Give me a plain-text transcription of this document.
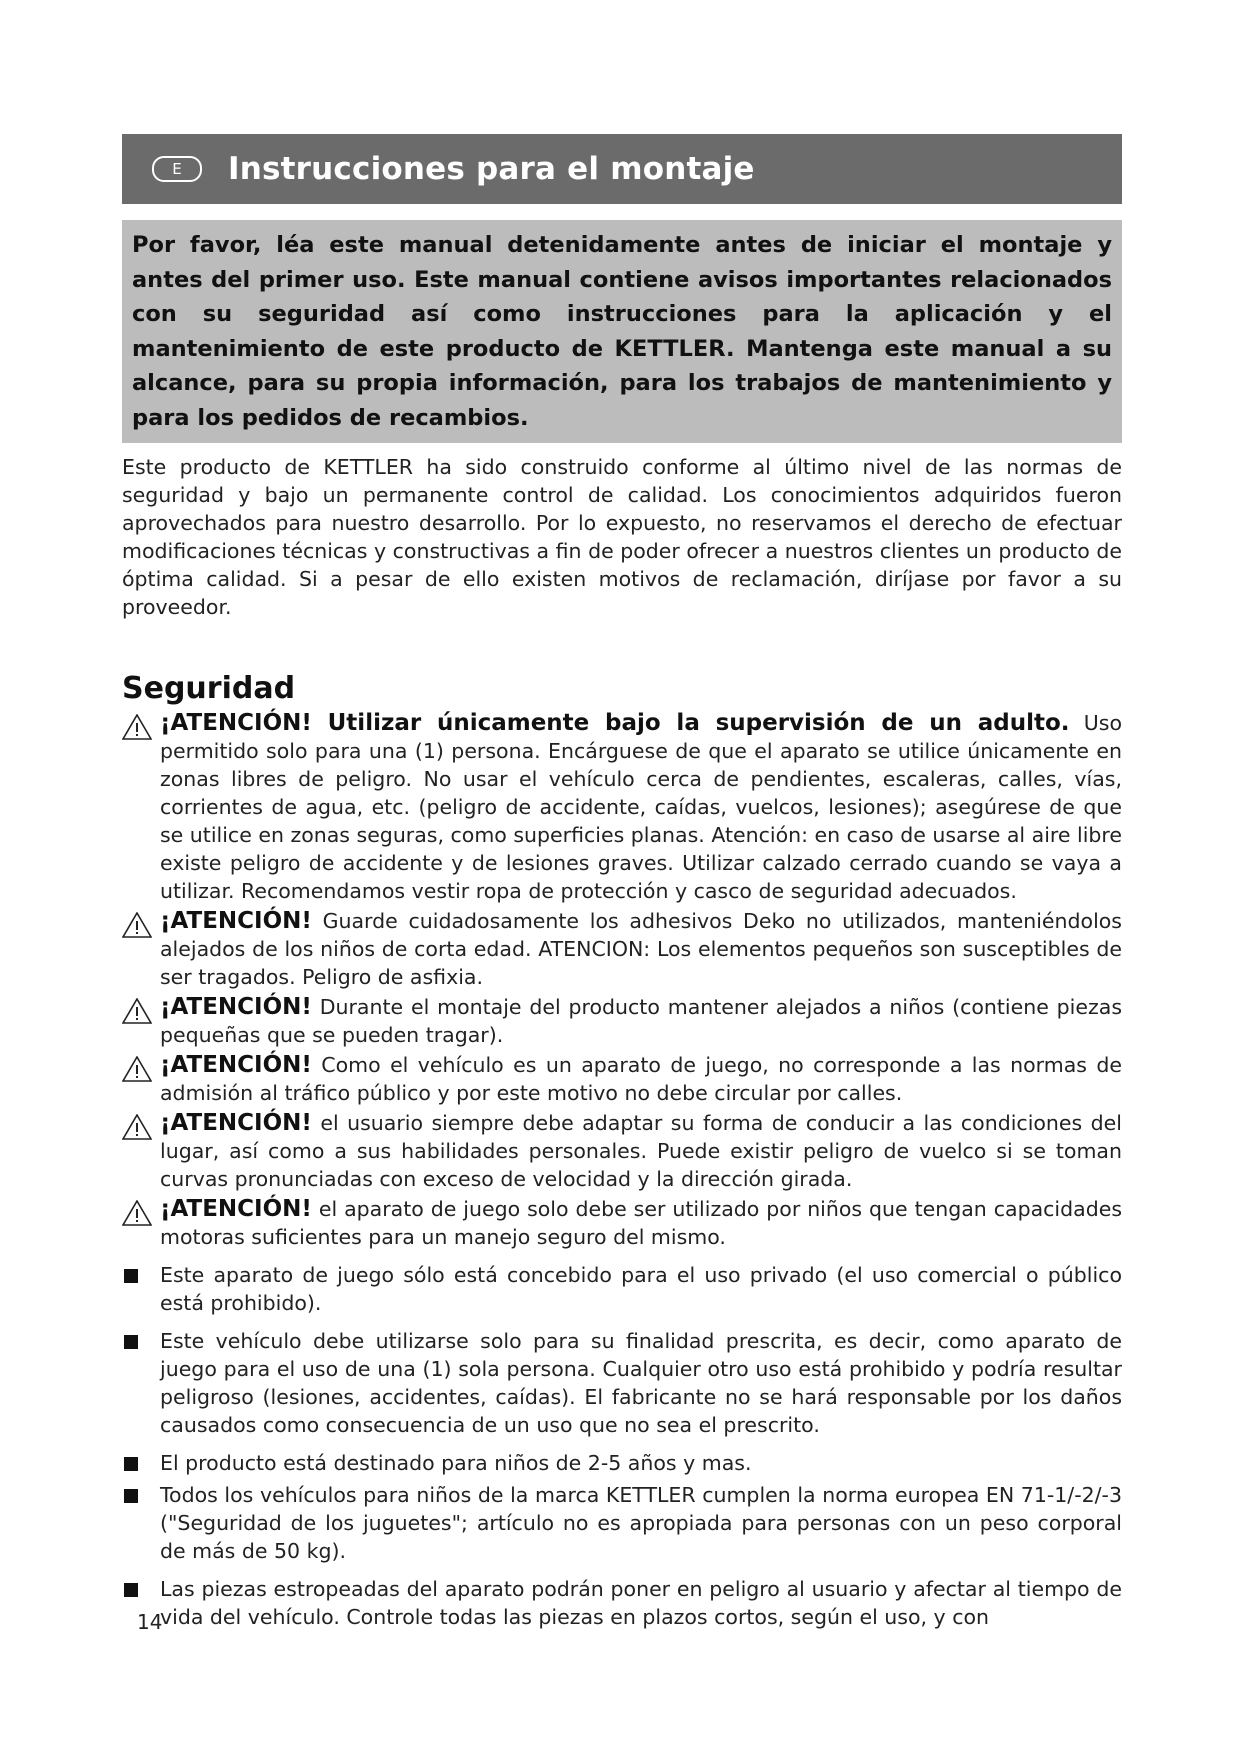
E Instrucciones para el montaje
Por favor, léa este manual detenidamente antes de iniciar el montaje y antes del primer uso. Este manual contiene avisos importantes relacionados con su seguridad así como instrucciones para la aplicación y el mantenimiento de este producto de KETTLER. Mantenga este manual a su alcance, para su propia información, para los trabajos de mantenimiento y para los pedidos de recambios.
Este producto de KETTLER ha sido construido conforme al último nivel de las normas de seguridad y bajo un permanente control de calidad. Los conocimientos adquiridos fueron aprovechados para nuestro desarrollo. Por lo expuesto, no reservamos el derecho de efectuar modificaciones técnicas y constructivas a fin de poder ofrecer a nuestros clientes un producto de óptima calidad. Si a pesar de ello existen motivos de reclamación, diríjase por favor a su proveedor.
Seguridad
¡ATENCIÓN! Utilizar únicamente bajo la supervisión de un adulto. Uso permitido solo para una (1) persona. Encárguese de que el aparato se utilice únicamente en zonas libres de peligro. No usar el vehículo cerca de pendientes, escaleras, calles, vías, corrientes de agua, etc. (peligro de accidente, caídas, vuelcos, lesiones); asegúrese de que se utilice en zonas seguras, como superficies planas. Atención: en caso de usarse al aire libre existe peligro de accidente y de lesiones graves. Utilizar calzado cerrado cuando se vaya a utilizar. Recomendamos vestir ropa de protección y casco de seguridad adecuados.
¡ATENCIÓN! Guarde cuidadosamente los adhesivos Deko no utilizados, manteniéndolos alejados de los niños de corta edad. ATENCION: Los elementos pequeños son susceptibles de ser tragados. Peligro de asfixia.
¡ATENCIÓN! Durante el montaje del producto mantener alejados a niños (contiene piezas pequeñas que se pueden tragar).
¡ATENCIÓN! Como el vehículo es un aparato de juego, no corresponde a las normas de admisión al tráfico público y por este motivo no debe circular por calles.
¡ATENCIÓN! el usuario siempre debe adaptar su forma de conducir a las condiciones del lugar, así como a sus habilidades personales. Puede existir peligro de vuelco si se toman curvas pronunciadas con exceso de velocidad y la dirección girada.
¡ATENCIÓN! el aparato de juego solo debe ser utilizado por niños que tengan capacidades motoras suficientes para un manejo seguro del mismo.
Este aparato de juego sólo está concebido para el uso privado (el uso comercial o público está prohibido).
Este vehículo debe utilizarse solo para su finalidad prescrita, es decir, como aparato de juego para el uso de una (1) sola persona. Cualquier otro uso está prohibido y podría resultar peligroso (lesiones, accidentes, caídas). El fabricante no se hará responsable por los daños causados como consecuencia de un uso que no sea el prescrito.
El producto está destinado para niños de 2-5 años y mas.
Todos los vehículos para niños de la marca KETTLER cumplen la norma europea EN 71-1/-2/-3 ("Seguridad de los juguetes"; artículo no es apropiada para personas con un peso corporal de más de 50 kg).
Las piezas estropeadas del aparato podrán poner en peligro al usuario y afectar al tiempo de vida del vehículo. Controle todas las piezas en plazos cortos, según el uso, y con
14
